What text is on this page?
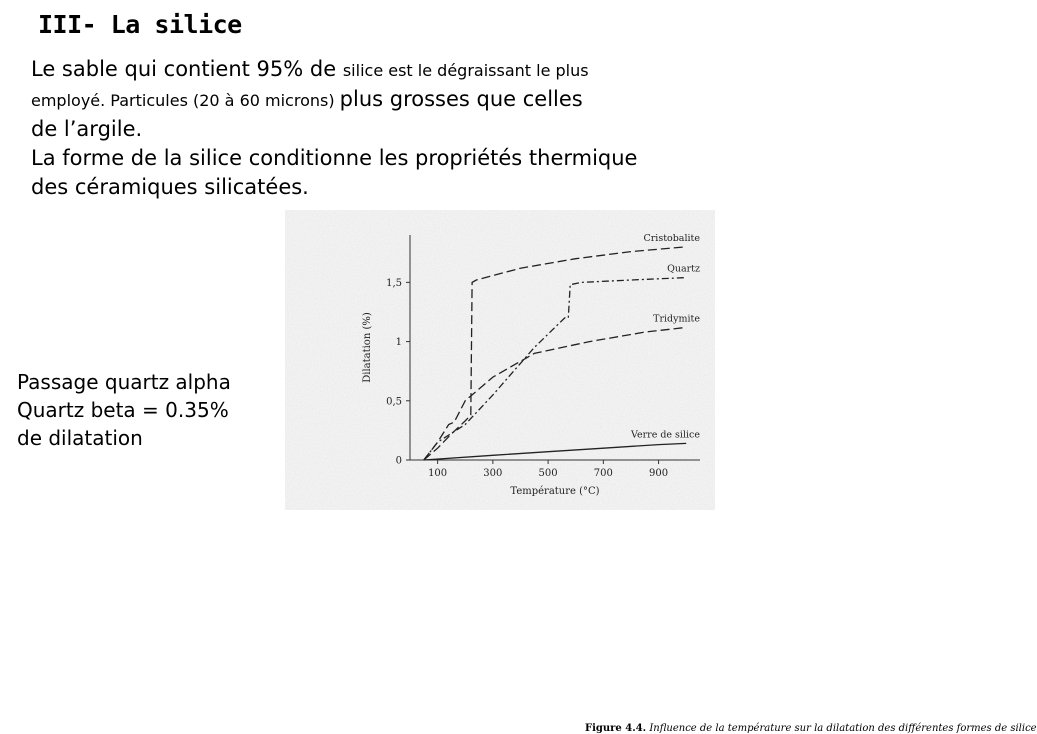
III- La silice
Le sable qui contient 95% de silice est le dégraissant le plus
employé. Particules (20 à 60 microns) plus grosses que celles
de l’argile.
La forme de la silice conditionne les propriétés thermique
des céramiques silicatées.
Passage quartz alpha
Quartz beta = 0.35%
de dilatation
100	300	500	700	900
0
0,5
1
1,5
Température (°C)
Dilatation (%)
Cristobalite
Quartz
Tridymite
Verre de silice
Figure 4.4. Influence de la température sur la dilatation des différentes formes de silice
